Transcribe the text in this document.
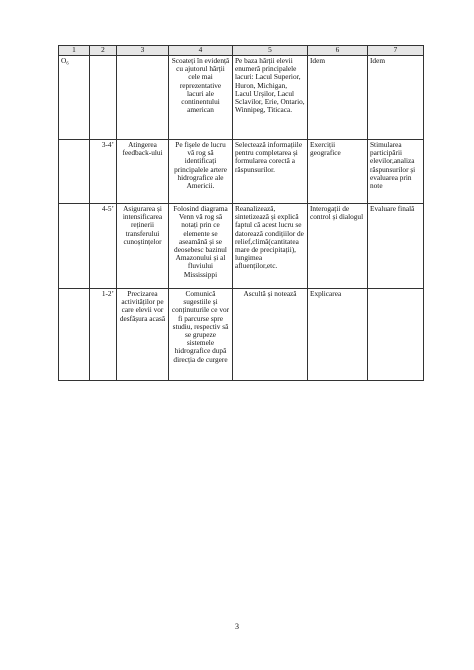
1	2	3	4	5	6	7
O₆			Scoateți în evidență cu ajutorul hărții cele mai reprezentative lacuri ale continentului american	Pe baza hărții elevii enumeră principalele lacuri: Lacul Superior, Huron, Michigan, Lacul Urșilor, Lacul Sclavilor, Erie, Ontario, Winnipeg, Titicaca.	Idem	Idem
	3-4’	Atingerea feedback-ului	Pe fișele de lucru vă rog să identificați principalele artere hidrografice ale Americii.	Selectează informațiile pentru completarea și formularea corectă a răspunsurilor.	Exerciții geografice	Stimularea participării elevilor,analiza răspunsurilor și evaluarea prin note
	4-5’	Asigurarea și intensificarea reținerii transferului cunoștințelor	Folosind diagrama Venn vă rog să notați prin ce elemente se aseamănă și se deosebesc bazinul Amazonului și al fluviului Mississippi	Reanalizează, sintetizează și explică faptul că acest lucru se datorează condițiilor de relief,climă(cantitatea mare de precipitații), lungimea afluenților,etc.	Interogații de control și dialogul	Evaluare finală
	1-2’	Precizarea activităților pe care elevii vor desfășura acasă	Comunică sugestiile și conținuturile ce vor fi parcurse spre studiu, respectiv să se grupeze sistemele hidrografice după direcția de curgere	Ascultă și notează	Explicarea	
3
